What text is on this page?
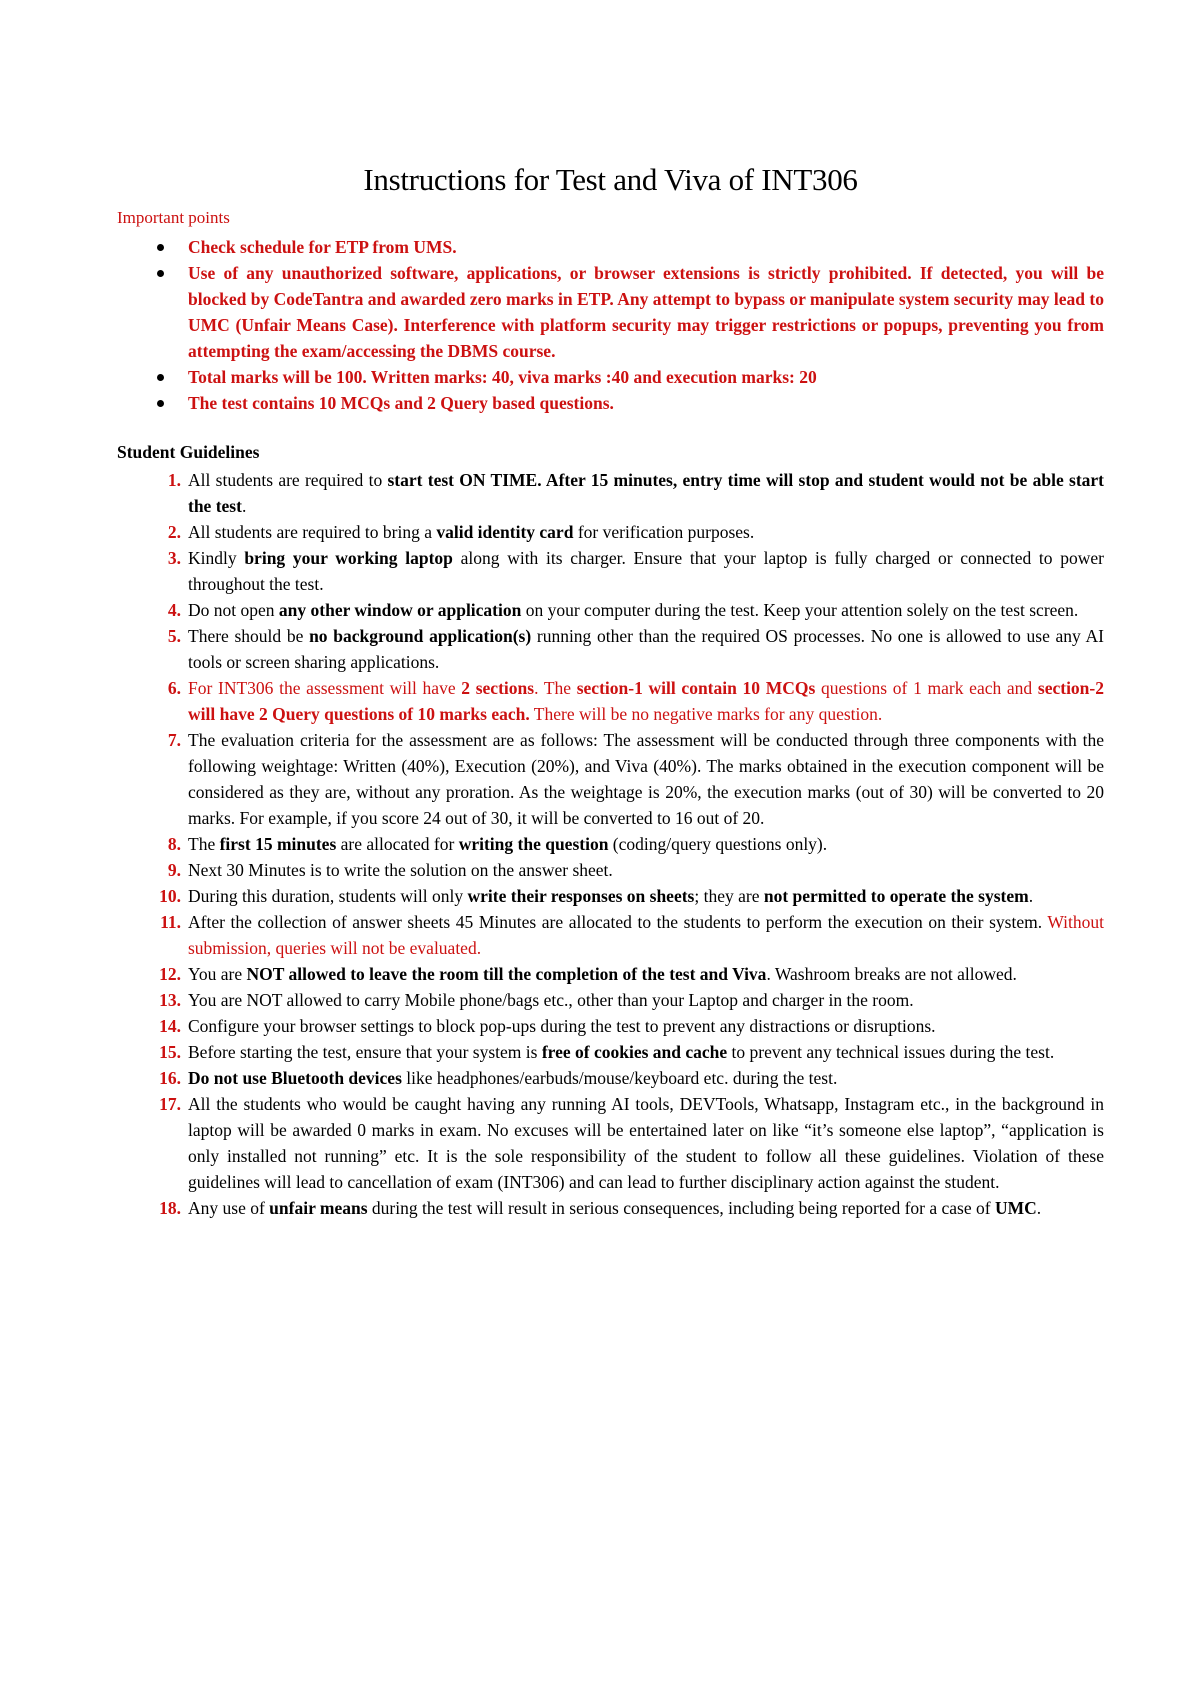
Instructions for Test and Viva of INT306
Important points
Check schedule for ETP from UMS.
Use of any unauthorized software, applications, or browser extensions is strictly prohibited. If detected, you will be blocked by CodeTantra and awarded zero marks in ETP. Any attempt to bypass or manipulate system security may lead to UMC (Unfair Means Case). Interference with platform security may trigger restrictions or popups, preventing you from attempting the exam/accessing the DBMS course.
Total marks will be 100. Written marks: 40, viva marks :40 and execution marks: 20
The test contains 10 MCQs and 2 Query based questions.
Student Guidelines
1. All students are required to start test ON TIME. After 15 minutes, entry time will stop and student would not be able start the test.
2. All students are required to bring a valid identity card for verification purposes.
3. Kindly bring your working laptop along with its charger. Ensure that your laptop is fully charged or connected to power throughout the test.
4. Do not open any other window or application on your computer during the test. Keep your attention solely on the test screen.
5. There should be no background application(s) running other than the required OS processes. No one is allowed to use any AI tools or screen sharing applications.
6. For INT306 the assessment will have 2 sections. The section-1 will contain 10 MCQs questions of 1 mark each and section-2 will have 2 Query questions of 10 marks each. There will be no negative marks for any question.
7. The evaluation criteria for the assessment are as follows: The assessment will be conducted through three components with the following weightage: Written (40%), Execution (20%), and Viva (40%). The marks obtained in the execution component will be considered as they are, without any proration. As the weightage is 20%, the execution marks (out of 30) will be converted to 20 marks. For example, if you score 24 out of 30, it will be converted to 16 out of 20.
8. The first 15 minutes are allocated for writing the question (coding/query questions only).
9. Next 30 Minutes is to write the solution on the answer sheet.
10. During this duration, students will only write their responses on sheets; they are not permitted to operate the system.
11. After the collection of answer sheets 45 Minutes are allocated to the students to perform the execution on their system. Without submission, queries will not be evaluated.
12. You are NOT allowed to leave the room till the completion of the test and Viva. Washroom breaks are not allowed.
13. You are NOT allowed to carry Mobile phone/bags etc., other than your Laptop and charger in the room.
14. Configure your browser settings to block pop-ups during the test to prevent any distractions or disruptions.
15. Before starting the test, ensure that your system is free of cookies and cache to prevent any technical issues during the test.
16. Do not use Bluetooth devices like headphones/earbuds/mouse/keyboard etc. during the test.
17. All the students who would be caught having any running AI tools, DEVTools, Whatsapp, Instagram etc., in the background in laptop will be awarded 0 marks in exam. No excuses will be entertained later on like “it’s someone else laptop”, “application is only installed not running” etc. It is the sole responsibility of the student to follow all these guidelines. Violation of these guidelines will lead to cancellation of exam (INT306) and can lead to further disciplinary action against the student.
18. Any use of unfair means during the test will result in serious consequences, including being reported for a case of UMC.
